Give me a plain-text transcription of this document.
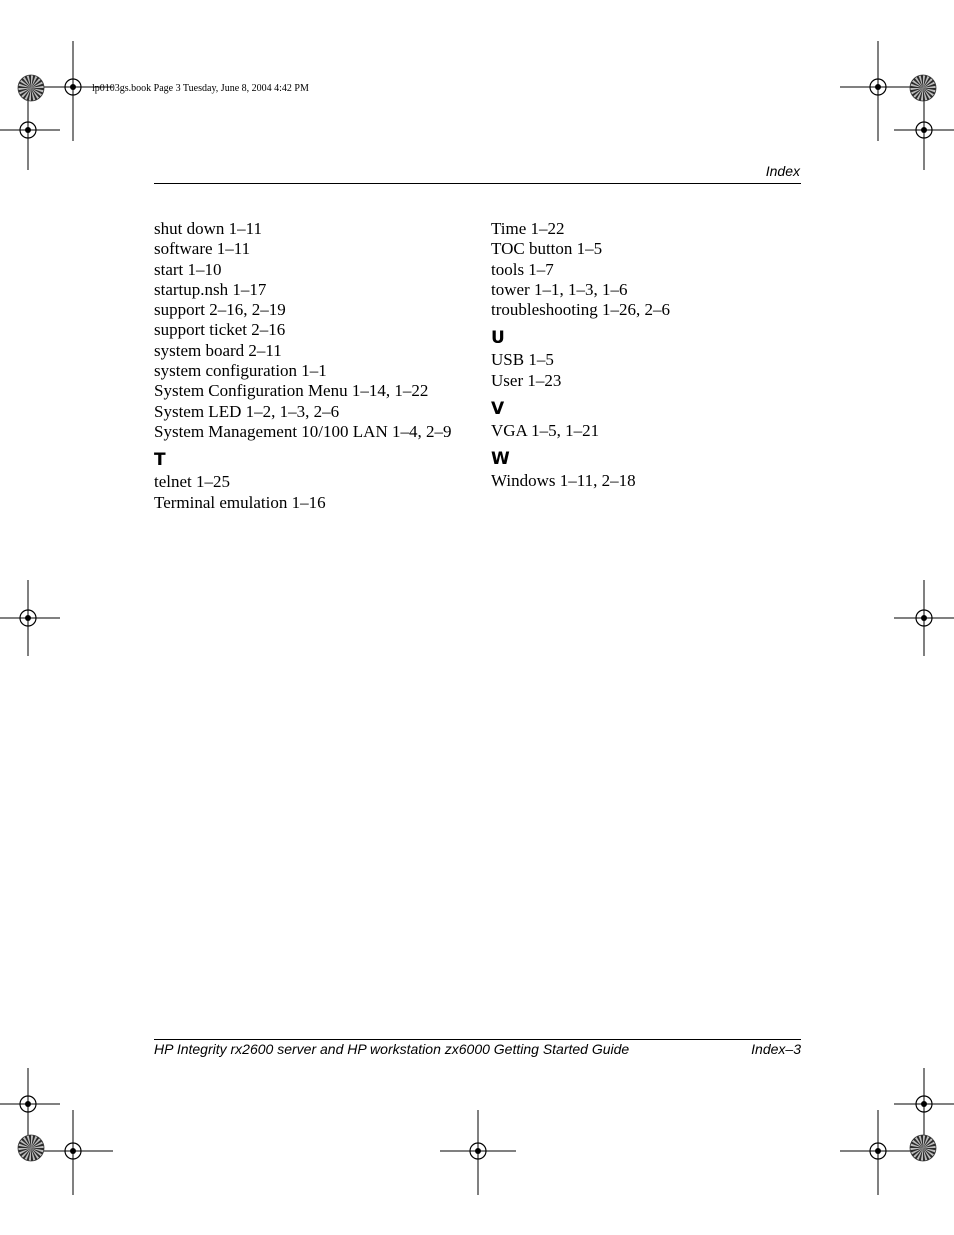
lp0103gs.book Page 3 Tuesday, June 8, 2004 4:42 PM
Index
shut down 1–11
software 1–11
start 1–10
startup.nsh 1–17
support 2–16, 2–19
support ticket 2–16
system board 2–11
system configuration 1–1
System Configuration Menu 1–14, 1–22
System LED 1–2, 1–3, 2–6
System Management 10/100 LAN 1–4, 2–9
T
telnet 1–25
Terminal emulation 1–16
Time 1–22
TOC button 1–5
tools 1–7
tower 1–1, 1–3, 1–6
troubleshooting 1–26, 2–6
U
USB 1–5
User 1–23
V
VGA 1–5, 1–21
W
Windows 1–11, 2–18
HP Integrity rx2600 server and HP workstation zx6000 Getting Started Guide	Index–3
